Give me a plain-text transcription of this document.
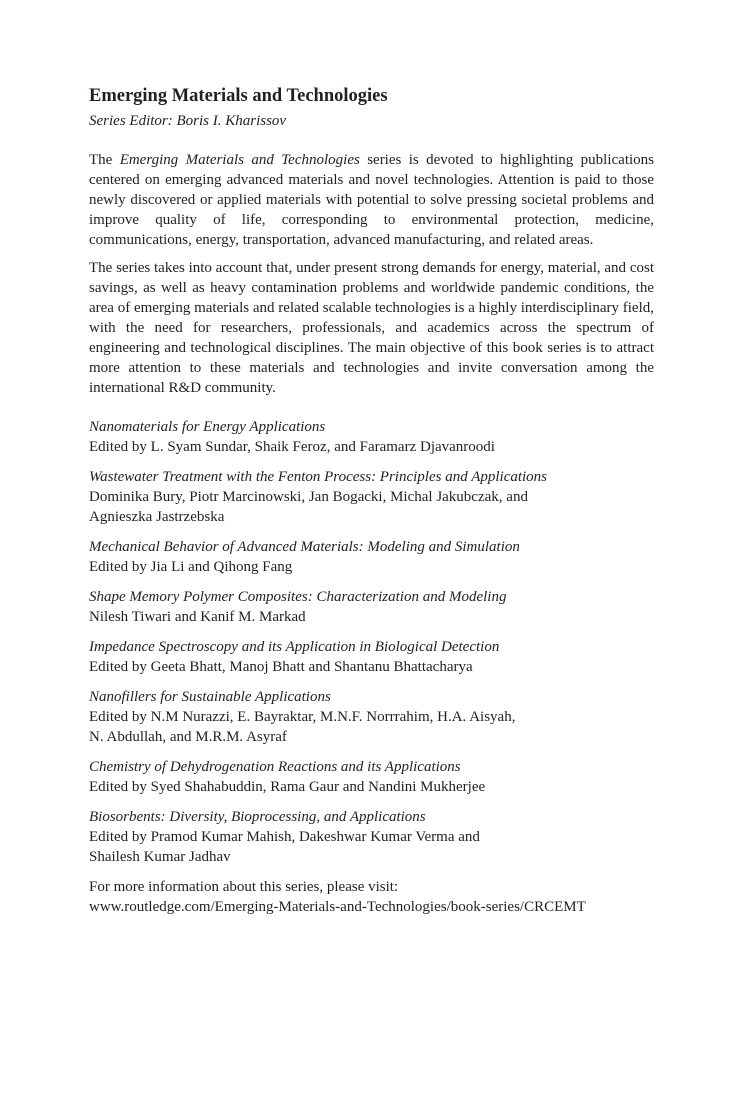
Emerging Materials and Technologies

Series Editor: Boris I. Kharissov

The Emerging Materials and Technologies series is devoted to highlighting publications centered on emerging advanced materials and novel technologies. Attention is paid to those newly discovered or applied materials with potential to solve pressing societal problems and improve quality of life, corresponding to environmental protection, medicine, communications, energy, transportation, advanced manufacturing, and related areas.

The series takes into account that, under present strong demands for energy, material, and cost savings, as well as heavy contamination problems and worldwide pandemic conditions, the area of emerging materials and related scalable technologies is a highly interdisciplinary field, with the need for researchers, professionals, and academics across the spectrum of engineering and technological disciplines. The main objective of this book series is to attract more attention to these materials and technologies and invite conversation among the international R&D community.

Nanomaterials for Energy Applications
Edited by L. Syam Sundar, Shaik Feroz, and Faramarz Djavanroodi
Wastewater Treatment with the Fenton Process: Principles and Applications
Dominika Bury, Piotr Marcinowski, Jan Bogacki, Michal Jakubczak, and
Agnieszka Jastrzebska
Mechanical Behavior of Advanced Materials: Modeling and Simulation
Edited by Jia Li and Qihong Fang
Shape Memory Polymer Composites: Characterization and Modeling
Nilesh Tiwari and Kanif M. Markad
Impedance Spectroscopy and its Application in Biological Detection
Edited by Geeta Bhatt, Manoj Bhatt and Shantanu Bhattacharya
Nanofillers for Sustainable Applications
Edited by N.M Nurazzi, E. Bayraktar, M.N.F. Norrrahim, H.A. Aisyah,
N. Abdullah, and M.R.M. Asyraf
Chemistry of Dehydrogenation Reactions and its Applications
Edited by Syed Shahabuddin, Rama Gaur and Nandini Mukherjee
Biosorbents: Diversity, Bioprocessing, and Applications
Edited by Pramod Kumar Mahish, Dakeshwar Kumar Verma and
Shailesh Kumar Jadhav
For more information about this series, please visit:
www.routledge.com/Emerging-Materials-and-Technologies/book-series/CRCEMT
